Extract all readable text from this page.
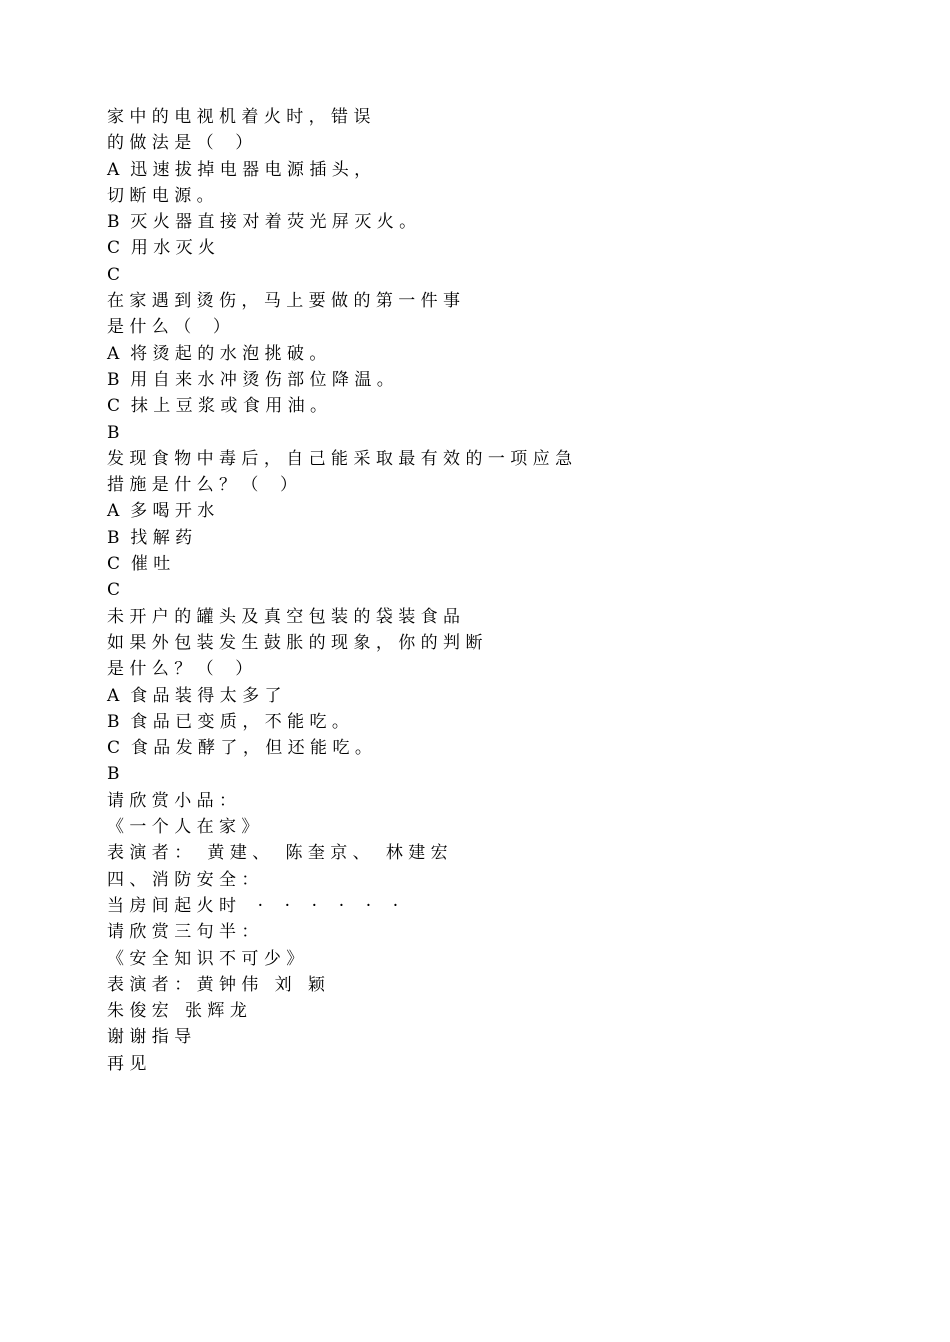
家 中 的 电 视 机 着 火 时 ， 错 误
的 做 法 是 （    ）
A  迅 速 拔 掉 电 器 电 源 插 头 ，
切 断 电 源 。
B  灭 火 器 直 接 对 着 荧 光 屏 灭 火 。
C  用 水 灭 火
C
在 家 遇 到 烫 伤 ， 马 上 要 做 的 第 一 件 事
是 什 么 （    ）
A  将 烫 起 的 水 泡 挑 破 。
B  用 自 来 水 冲 烫 伤 部 位 降 温 。
C  抹 上 豆 浆 或 食 用 油 。
B
发 现 食 物 中 毒 后 ， 自 己 能 采 取 最 有 效 的 一 项 应 急
措 施 是 什 么 ？ （    ）
A  多 喝 开 水
B  找 解 药
C  催 吐
C
未 开 户 的 罐 头 及 真 空 包 装 的 袋 装 食 品
如 果 外 包 装 发 生 鼓 胀 的 现 象 ， 你 的 判 断
是 什 么 ？ （    ）
A  食 品 装 得 太 多 了
B  食 品 已 变 质 ， 不 能 吃 。
C  食 品 发 酵 了 ， 但 还 能 吃 。
B
请 欣 赏 小 品 ：
《 一 个 人 在 家 》
表 演 者 ：   黄 建 、   陈 奎 京 、   林 建 宏
四 、 消 防 安 全 ：
当 房 间 起 火 时    ·    ·    ·    ·    ·    ·
请 欣 赏 三 句 半 ：
《 安 全 知 识 不 可 少 》
表 演 者 ： 黄 钟 伟   刘   颖
朱 俊 宏   张 辉 龙
谢 谢 指 导
再 见
